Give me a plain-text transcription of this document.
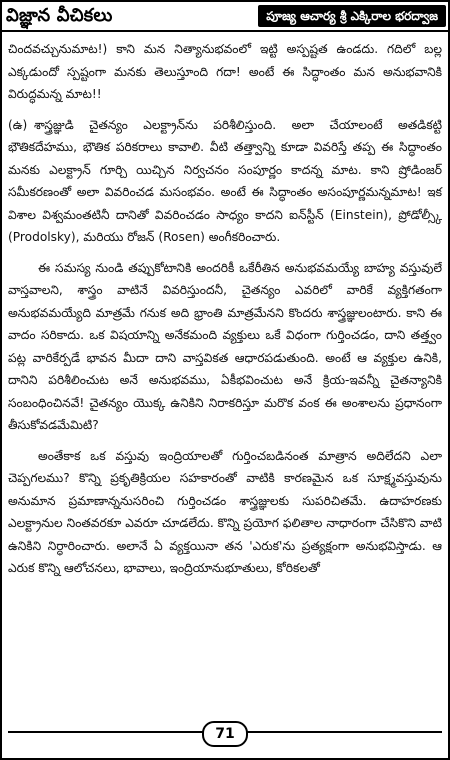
విజ్ఞాన వీచికలు	పూజ్య ఆచార్య శ్రీ ఎక్కిరాల భరద్వాజ

చిందవచ్చునుమాట!) కాని మన నిత్యానుభవంలో ఇట్టి అస్పష్టత ఉండదు. గదిలో బల్ల ఎక్కడుందో స్పష్టంగా మనకు తెలుస్తూంది గదా! అంటే ఈ సిద్ధాంతం మన అనుభవానికి విరుద్ధమన్న మాట!!

(ఉ) శాస్త్రజ్ఞుడి చైతన్యం ఎలక్ట్రాన్‌ను పరిశీలిస్తుంది. అలా చేయాలంటే అతడికట్టి భౌతికదేహము, భౌతిక పరికరాలు కావాలి. వీటి తత్త్వాన్ని కూడా వివరిస్తే తప్ప ఈ సిద్ధాంతం మనకు ఎలక్ట్రాన్ గూర్చి యిచ్చిన నిర్వచనం సంపూర్ణం కాదన్న మాట. కాని ష్రోడింజర్ సమీకరణంతో అలా వివరించడ మసంభవం. అంటే ఈ సిద్ధాంతం అసంపూర్ణమన్నమాట! ఇక విశాల విశ్వమంతటినీ దానితో వివరించడం సాధ్యం కాదని ఐన్‌స్టీన్ (Einstein), ప్రోడోల్స్కీ (Prodolsky), మరియు రోజన్ (Rosen) అంగీకరించారు.

ఈ సమస్య నుండి తప్పుకోటానికి అందరికీ ఒకేరీతిన అనుభవమయ్యే బాహ్య వస్తువులే వాస్తవాలని, శాస్త్రం వాటినే వివరిస్తుందనీ, చైతన్యం ఎవరిలో వారికే వ్యక్తిగతంగా అనుభవమయ్యేది మాత్రమే గనుక అది భ్రాంతి మాత్రమేనని కొందరు శాస్త్రజ్ఞులంటారు. కాని ఈ వాదం సరికాదు. ఒక విషయాన్ని అనేకమంది వ్యక్తులు ఒకే విధంగా గుర్తించడం, దాని తత్త్వం పట్ల వారికేర్పడే భావన మీదా దాని వాస్తవికత ఆధారపడుతుంది. అంటే ఆ వ్యక్తుల ఉనికి, దానిని పరిశీలించుట అనే అనుభవము, ఏకీభవించుట అనే క్రియ-ఇవన్నీ చైతన్యానికి సంబంధించినవే! చైతన్యం యొక్క ఉనికిని నిరాకరిస్తూ మరొక వంక ఈ అంశాలను ప్రధానంగా తీసుకోవడమేమిటి?

అంతేకాక ఒక వస్తువు ఇంద్రియాలతో గుర్తించబడినంత మాత్రాన అదిలేదని ఎలా చెప్పగలము? కొన్ని ప్రకృతిక్రియల సహకారంతో వాటికి కారణమైన ఒక సూక్ష్మవస్తువును అనుమాన ప్రమాణాన్ననుసరించి గుర్తించడం శాస్త్రజ్ఞులకు సుపరిచితమే. ఉదాహరణకు ఎలక్ట్రానుల నింతవరకూ ఎవరూ చూడలేదు. కొన్ని ప్రయోగ ఫలితాల నాధారంగా చేసికొని వాటి ఉనికిని నిర్ధారించారు. అలానే ఏ వ్యక్తయినా తన 'ఎరుక'ను ప్రత్యక్షంగా అనుభవిస్తాడు. ఆ ఎరుక కొన్ని ఆలోచనలు, భావాలు, ఇంద్రియానుభూతులు, కోరికలతో

71
